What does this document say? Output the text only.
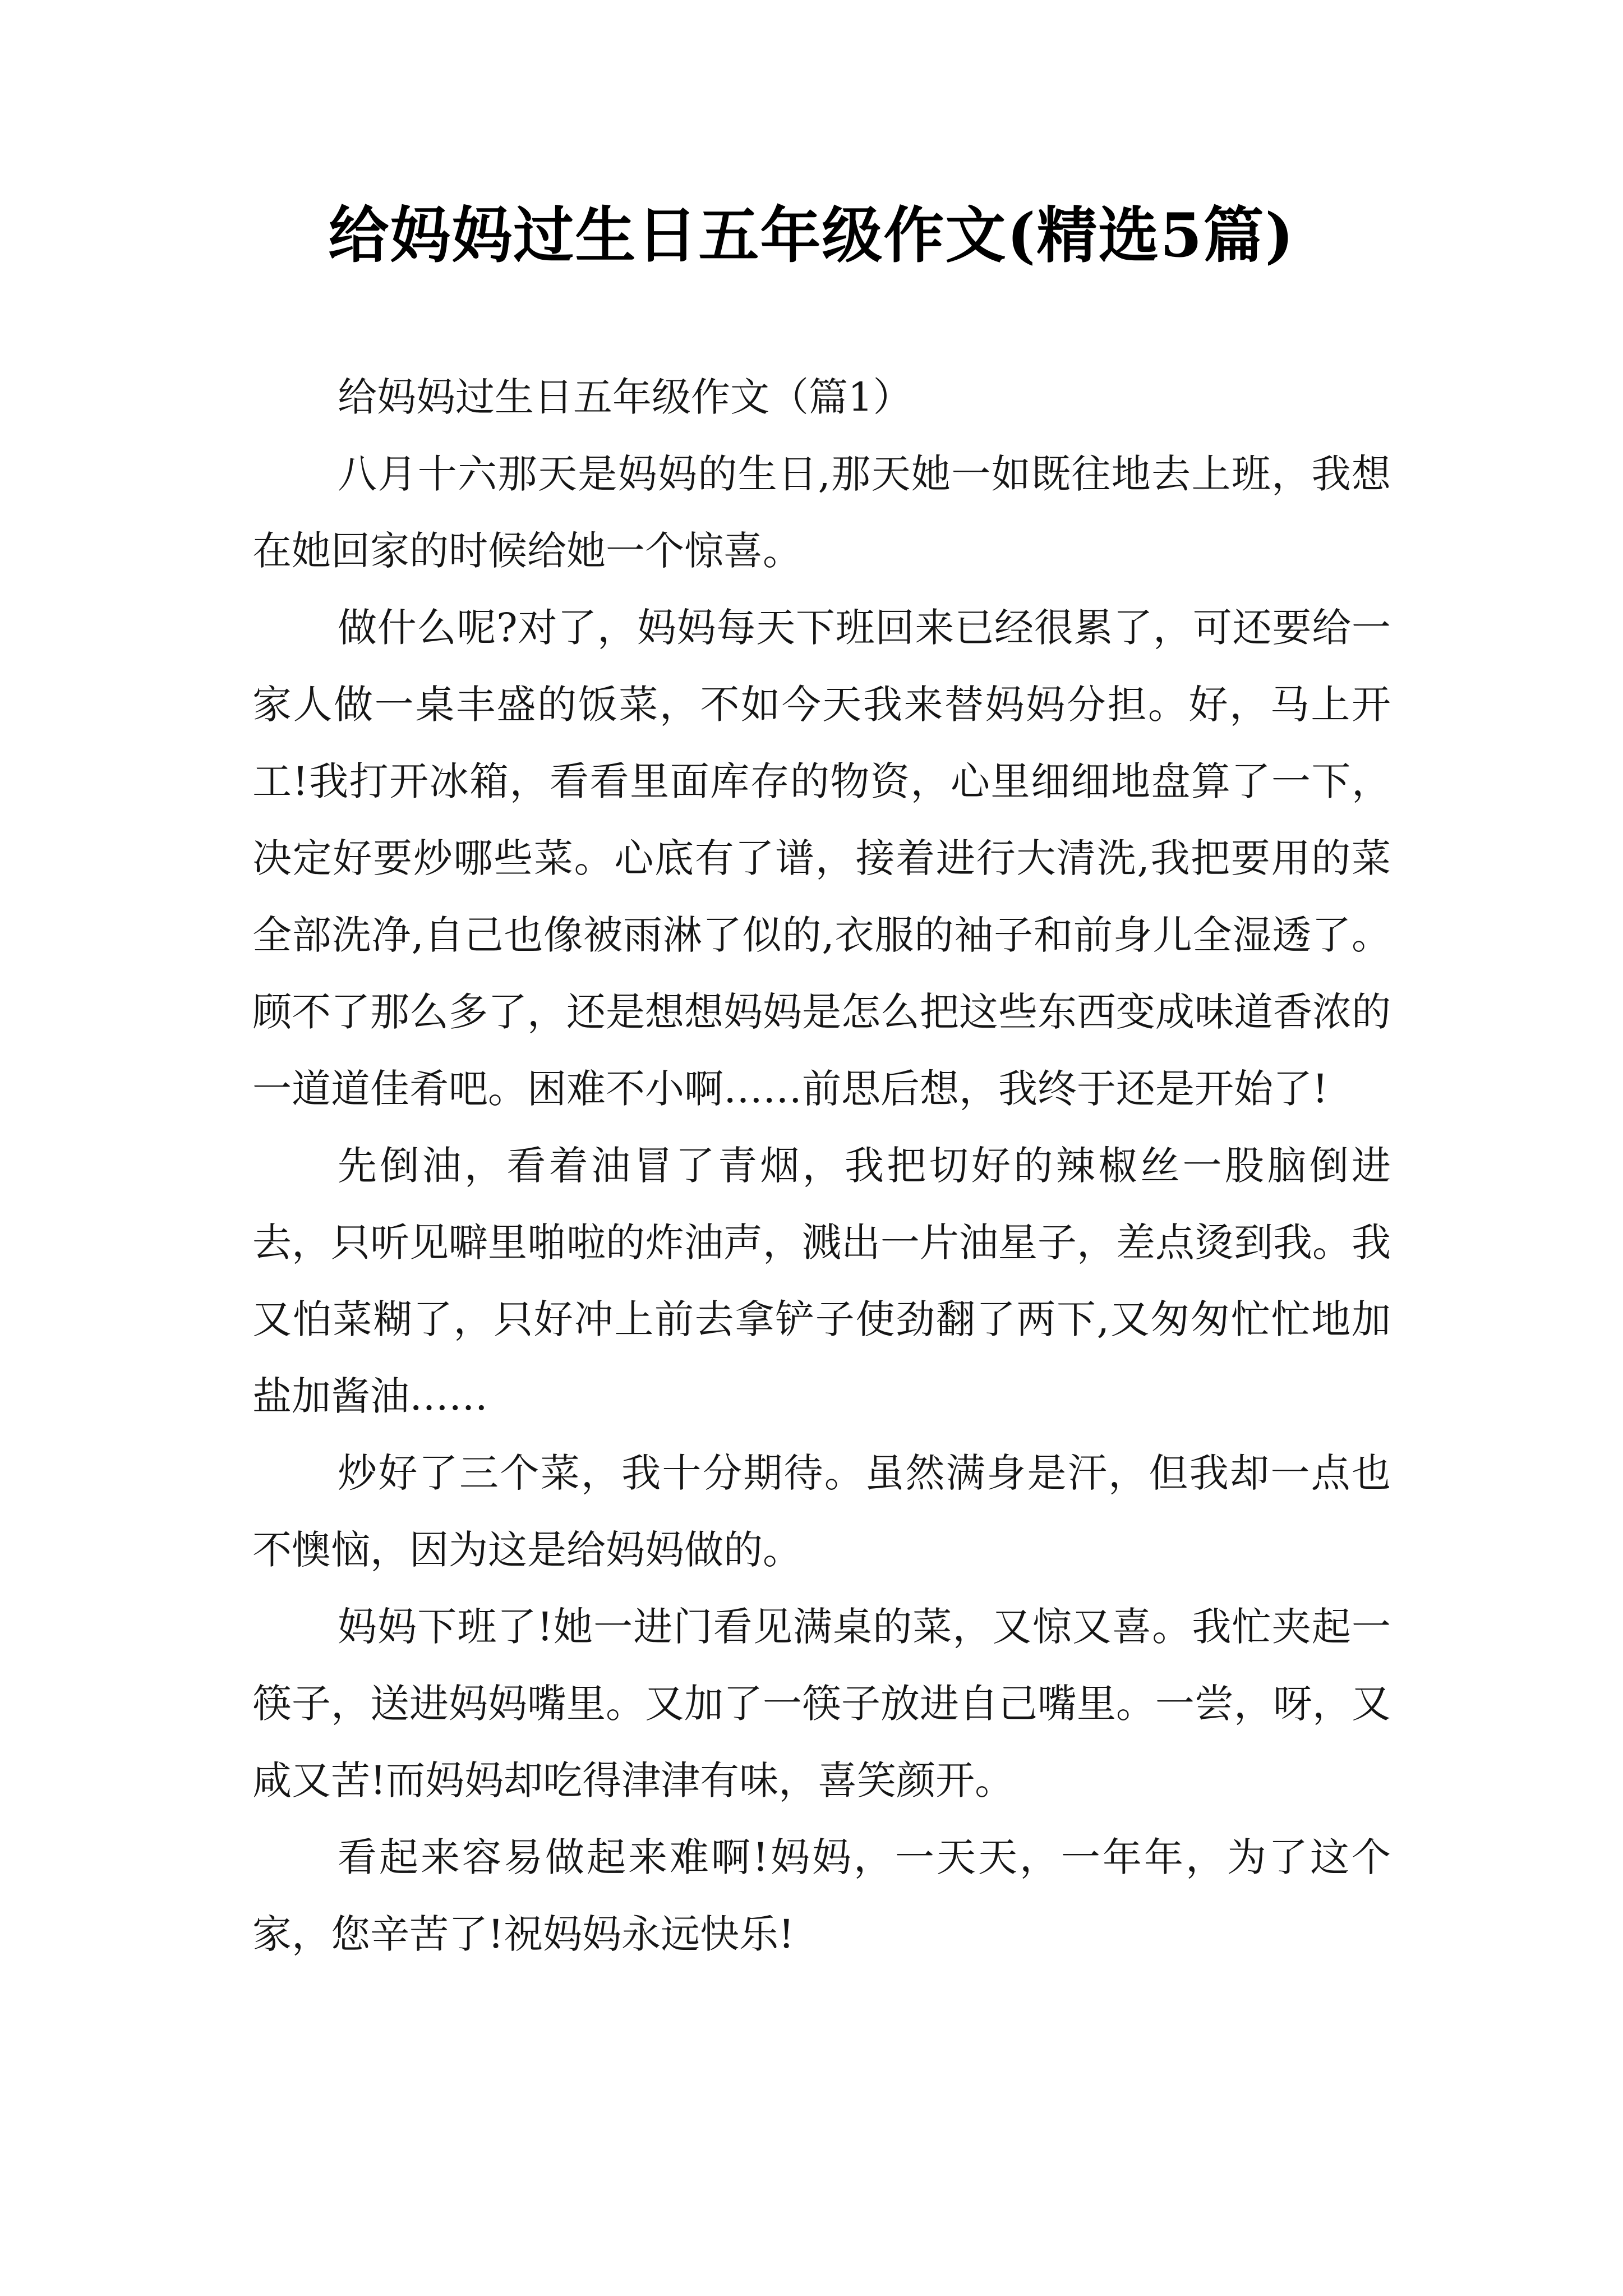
给妈妈过生日五年级作文(精选5篇)

给妈妈过生日五年级作文（篇1）

八月十六那天是妈妈的生日,那天她一如既往地去上班，我想在她回家的时候给她一个惊喜。

做什么呢?对了，妈妈每天下班回来已经很累了，可还要给一家人做一桌丰盛的饭菜，不如今天我来替妈妈分担。好，马上开工!我打开冰箱，看看里面库存的物资，心里细细地盘算了一下，决定好要炒哪些菜。心底有了谱，接着进行大清洗,我把要用的菜全部洗净,自己也像被雨淋了似的,衣服的袖子和前身儿全湿透了。顾不了那么多了，还是想想妈妈是怎么把这些东西变成味道香浓的一道道佳肴吧。困难不小啊……前思后想，我终于还是开始了!

先倒油，看着油冒了青烟，我把切好的辣椒丝一股脑倒进去，只听见噼里啪啦的炸油声，溅出一片油星子，差点烫到我。我又怕菜糊了，只好冲上前去拿铲子使劲翻了两下,又匆匆忙忙地加盐加酱油……

炒好了三个菜，我十分期待。虽然满身是汗，但我却一点也不懊恼，因为这是给妈妈做的。

妈妈下班了!她一进门看见满桌的菜，又惊又喜。我忙夹起一筷子，送进妈妈嘴里。又加了一筷子放进自己嘴里。一尝，呀，又咸又苦!而妈妈却吃得津津有味，喜笑颜开。

看起来容易做起来难啊!妈妈，一天天，一年年，为了这个家，您辛苦了!祝妈妈永远快乐!
